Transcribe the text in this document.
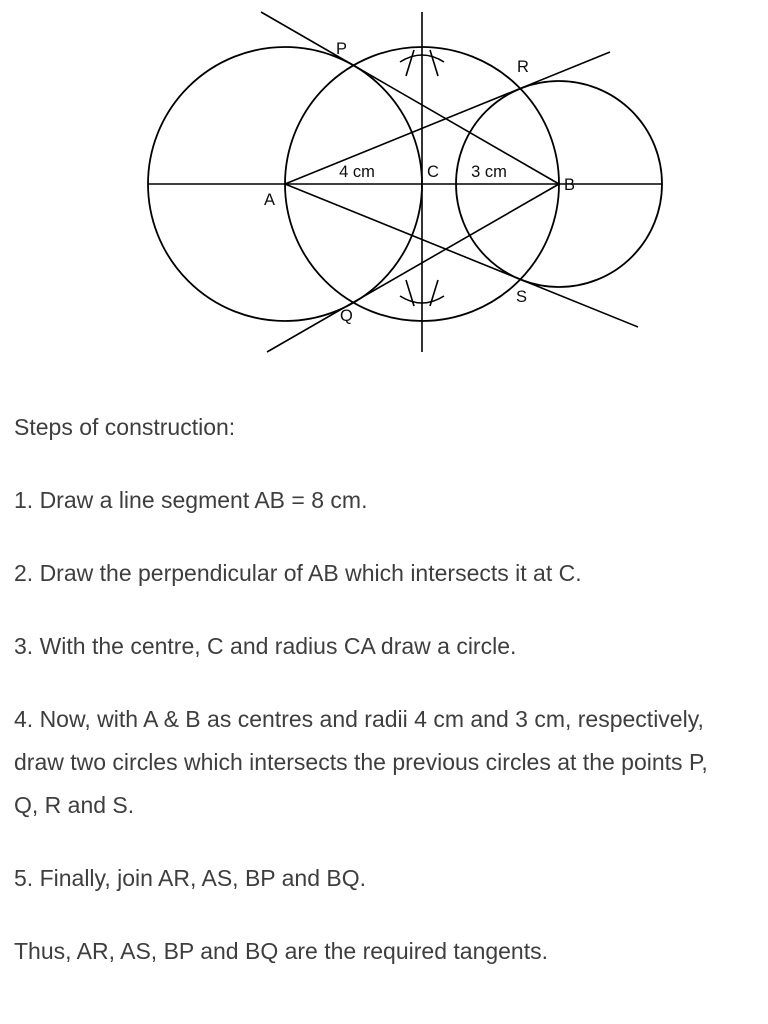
P
R
A
B
C
Q
S
4 cm	3 cm

Steps of construction:

1. Draw a line segment AB = 8 cm.

2. Draw the perpendicular of AB which intersects it at C.

3. With the centre, C and radius CA draw a circle.

4. Now, with A & B as centres and radii 4 cm and 3 cm, respectively, draw two circles which intersects the previous circles at the points P, Q, R and S.

5. Finally, join AR, AS, BP and BQ.

Thus, AR, AS, BP and BQ are the required tangents.
